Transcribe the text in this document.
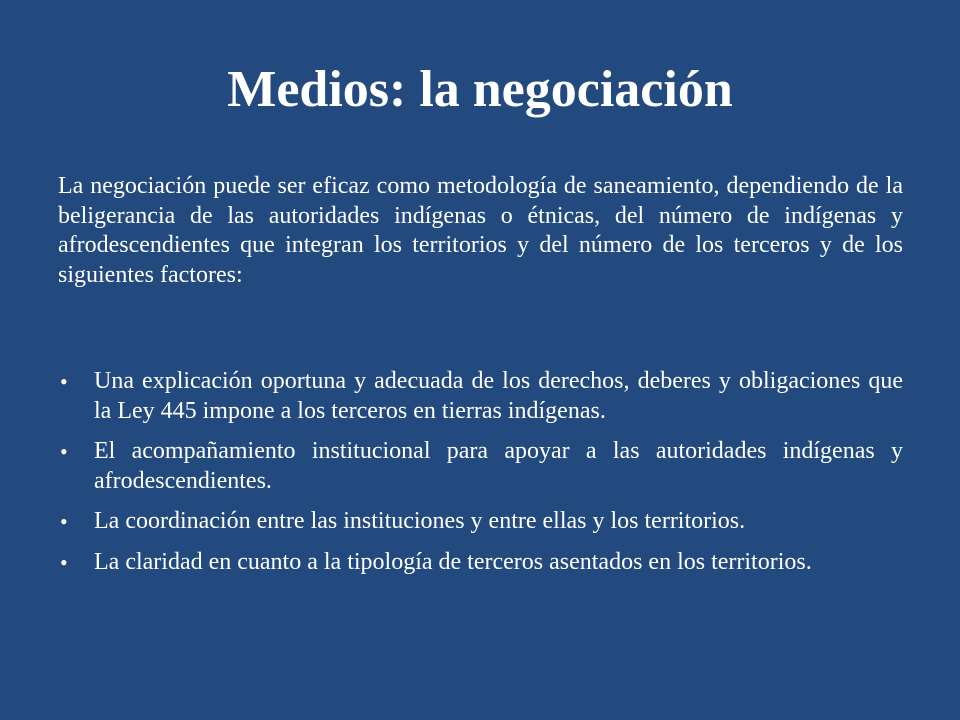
Medios: la negociación

La negociación puede ser eficaz como metodología de saneamiento, dependiendo de la beligerancia de las autoridades indígenas o étnicas, del número de indígenas y afrodescendientes que integran los territorios y del número de los terceros y de los siguientes factores:

• Una explicación oportuna y adecuada de los derechos, deberes y obligaciones que la Ley 445 impone a los terceros en tierras indígenas.
• El acompañamiento institucional para apoyar a las autoridades indígenas y afrodescendientes.
• La coordinación entre las instituciones y entre ellas y los territorios.
• La claridad en cuanto a la tipología de terceros asentados en los territorios.
